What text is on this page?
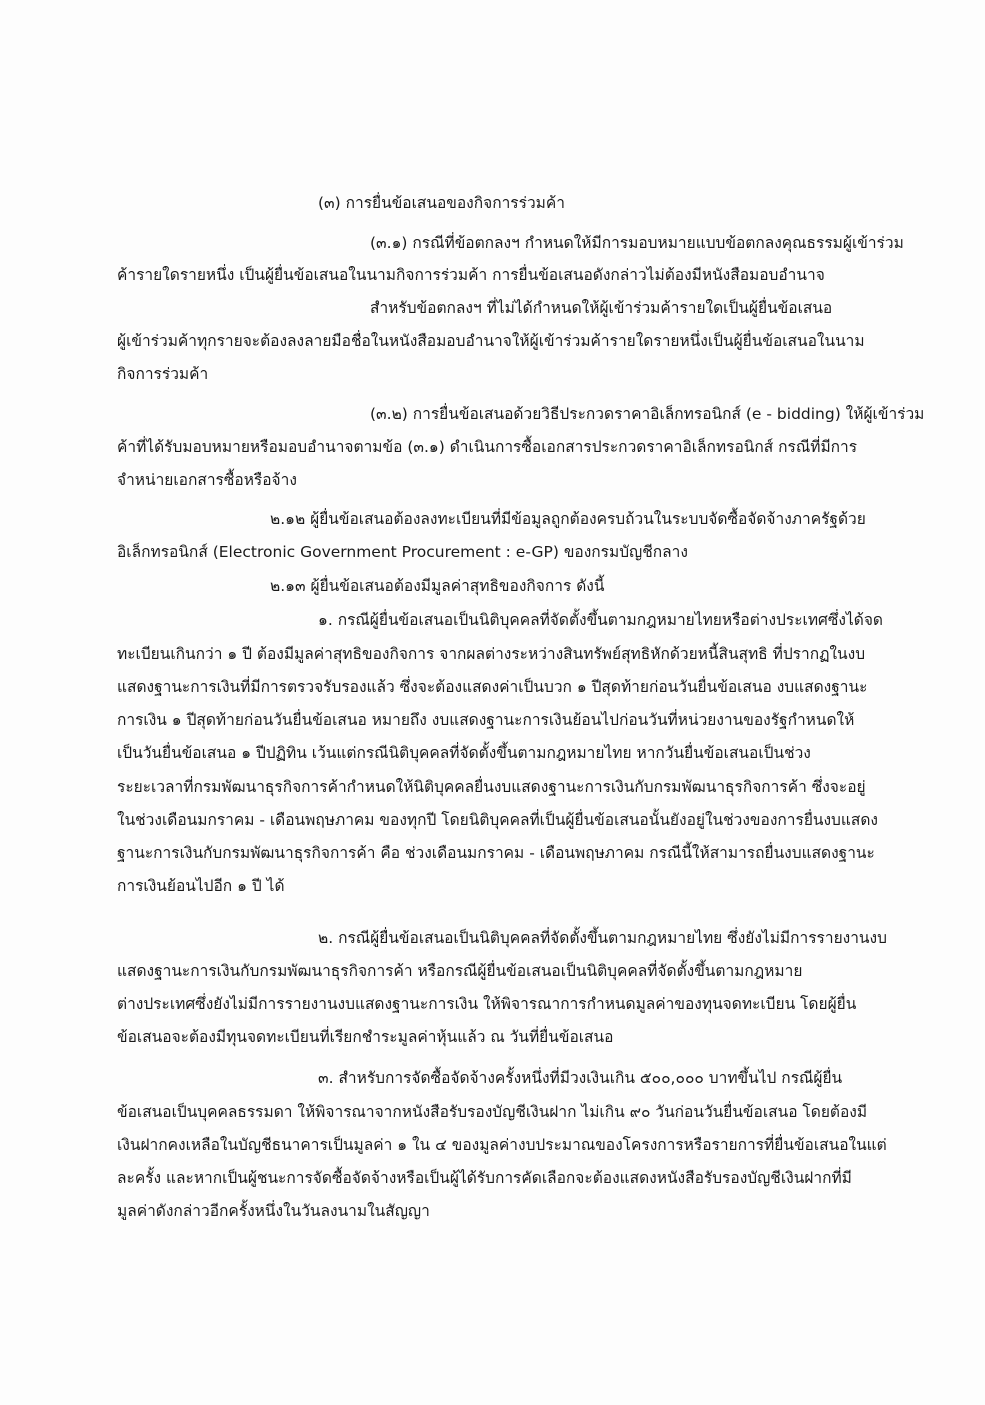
(๓) การยื่นข้อเสนอของกิจการร่วมค้า
(๓.๑) กรณีที่ข้อตกลงฯ กำหนดให้มีการมอบหมายแบบข้อตกลงคุณธรรมผู้เข้าร่วม
ค้ารายใดรายหนึ่ง เป็นผู้ยื่นข้อเสนอในนามกิจการร่วมค้า การยื่นข้อเสนอดังกล่าวไม่ต้องมีหนังสือมอบอำนาจ
สำหรับข้อตกลงฯ ที่ไม่ได้กำหนดให้ผู้เข้าร่วมค้ารายใดเป็นผู้ยื่นข้อเสนอ
ผู้เข้าร่วมค้าทุกรายจะต้องลงลายมือชื่อในหนังสือมอบอำนาจให้ผู้เข้าร่วมค้ารายใดรายหนึ่งเป็นผู้ยื่นข้อเสนอในนาม
กิจการร่วมค้า
(๓.๒) การยื่นข้อเสนอด้วยวิธีประกวดราคาอิเล็กทรอนิกส์ (e - bidding) ให้ผู้เข้าร่วม
ค้าที่ได้รับมอบหมายหรือมอบอำนาจตามข้อ (๓.๑) ดำเนินการซื้อเอกสารประกวดราคาอิเล็กทรอนิกส์ กรณีที่มีการ
จำหน่ายเอกสารซื้อหรือจ้าง
๒.๑๒ ผู้ยื่นข้อเสนอต้องลงทะเบียนที่มีข้อมูลถูกต้องครบถ้วนในระบบจัดซื้อจัดจ้างภาครัฐด้วย
อิเล็กทรอนิกส์ (Electronic Government Procurement : e-GP) ของกรมบัญชีกลาง
๒.๑๓ ผู้ยื่นข้อเสนอต้องมีมูลค่าสุทธิของกิจการ ดังนี้
๑. กรณีผู้ยื่นข้อเสนอเป็นนิติบุคคลที่จัดตั้งขึ้นตามกฎหมายไทยหรือต่างประเทศซึ่งได้จด
ทะเบียนเกินกว่า ๑ ปี ต้องมีมูลค่าสุทธิของกิจการ จากผลต่างระหว่างสินทรัพย์สุทธิหักด้วยหนี้สินสุทธิ ที่ปรากฏในงบ
แสดงฐานะการเงินที่มีการตรวจรับรองแล้ว ซึ่งจะต้องแสดงค่าเป็นบวก ๑ ปีสุดท้ายก่อนวันยื่นข้อเสนอ งบแสดงฐานะ
การเงิน ๑ ปีสุดท้ายก่อนวันยื่นข้อเสนอ หมายถึง งบแสดงฐานะการเงินย้อนไปก่อนวันที่หน่วยงานของรัฐกำหนดให้
เป็นวันยื่นข้อเสนอ ๑ ปีปฏิทิน เว้นแต่กรณีนิติบุคคลที่จัดตั้งขึ้นตามกฎหมายไทย หากวันยื่นข้อเสนอเป็นช่วง
ระยะเวลาที่กรมพัฒนาธุรกิจการค้ากำหนดให้นิติบุคคลยื่นงบแสดงฐานะการเงินกับกรมพัฒนาธุรกิจการค้า ซึ่งจะอยู่
ในช่วงเดือนมกราคม - เดือนพฤษภาคม ของทุกปี โดยนิติบุคคลที่เป็นผู้ยื่นข้อเสนอนั้นยังอยู่ในช่วงของการยื่นงบแสดง
ฐานะการเงินกับกรมพัฒนาธุรกิจการค้า คือ ช่วงเดือนมกราคม - เดือนพฤษภาคม กรณีนี้ให้สามารถยื่นงบแสดงฐานะ
การเงินย้อนไปอีก ๑ ปี ได้
๒. กรณีผู้ยื่นข้อเสนอเป็นนิติบุคคลที่จัดตั้งขึ้นตามกฎหมายไทย ซึ่งยังไม่มีการรายงานงบ
แสดงฐานะการเงินกับกรมพัฒนาธุรกิจการค้า หรือกรณีผู้ยื่นข้อเสนอเป็นนิติบุคคลที่จัดตั้งขึ้นตามกฎหมาย
ต่างประเทศซึ่งยังไม่มีการรายงานงบแสดงฐานะการเงิน ให้พิจารณาการกำหนดมูลค่าของทุนจดทะเบียน โดยผู้ยื่น
ข้อเสนอจะต้องมีทุนจดทะเบียนที่เรียกชำระมูลค่าหุ้นแล้ว ณ วันที่ยื่นข้อเสนอ
๓. สำหรับการจัดซื้อจัดจ้างครั้งหนึ่งที่มีวงเงินเกิน ๕๐๐,๐๐๐ บาทขึ้นไป กรณีผู้ยื่น
ข้อเสนอเป็นบุคคลธรรมดา ให้พิจารณาจากหนังสือรับรองบัญชีเงินฝาก ไม่เกิน ๙๐ วันก่อนวันยื่นข้อเสนอ โดยต้องมี
เงินฝากคงเหลือในบัญชีธนาคารเป็นมูลค่า ๑ ใน ๔ ของมูลค่างบประมาณของโครงการหรือรายการที่ยื่นข้อเสนอในแต่
ละครั้ง และหากเป็นผู้ชนะการจัดซื้อจัดจ้างหรือเป็นผู้ได้รับการคัดเลือกจะต้องแสดงหนังสือรับรองบัญชีเงินฝากที่มี
มูลค่าดังกล่าวอีกครั้งหนึ่งในวันลงนามในสัญญา
